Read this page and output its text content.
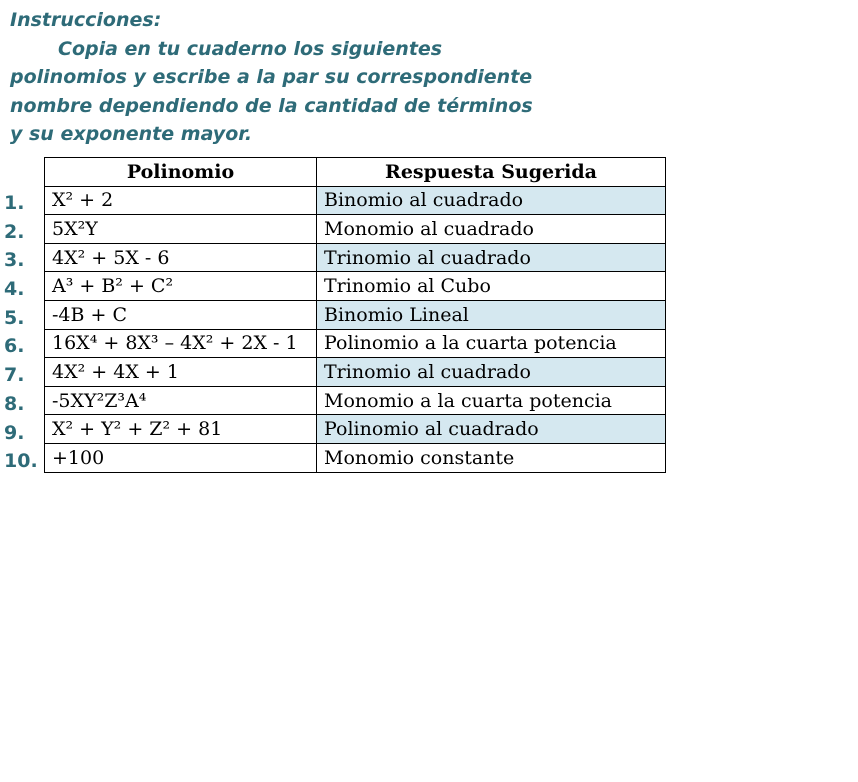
Instrucciones:
Copia en tu cuaderno los siguientes
polinomios y escribe a la par su correspondiente
nombre dependiendo de la cantidad de términos
y su exponente mayor.
1.
2.
3.
4.
5.
6.
7.
8.
9.
10.
Polinomio	Respuesta Sugerida
X² + 2	Binomio al cuadrado
5X²Y	Monomio al cuadrado
4X² + 5X - 6	Trinomio al cuadrado
A³ + B² + C²	Trinomio al Cubo
-4B + C	Binomio Lineal
16X⁴ + 8X³ – 4X² + 2X - 1	Polinomio a la cuarta potencia
4X² + 4X + 1	Trinomio al cuadrado
-5XY²Z³A⁴	Monomio a la cuarta potencia
X² + Y² + Z² + 81	Polinomio al cuadrado
+100	Monomio constante
